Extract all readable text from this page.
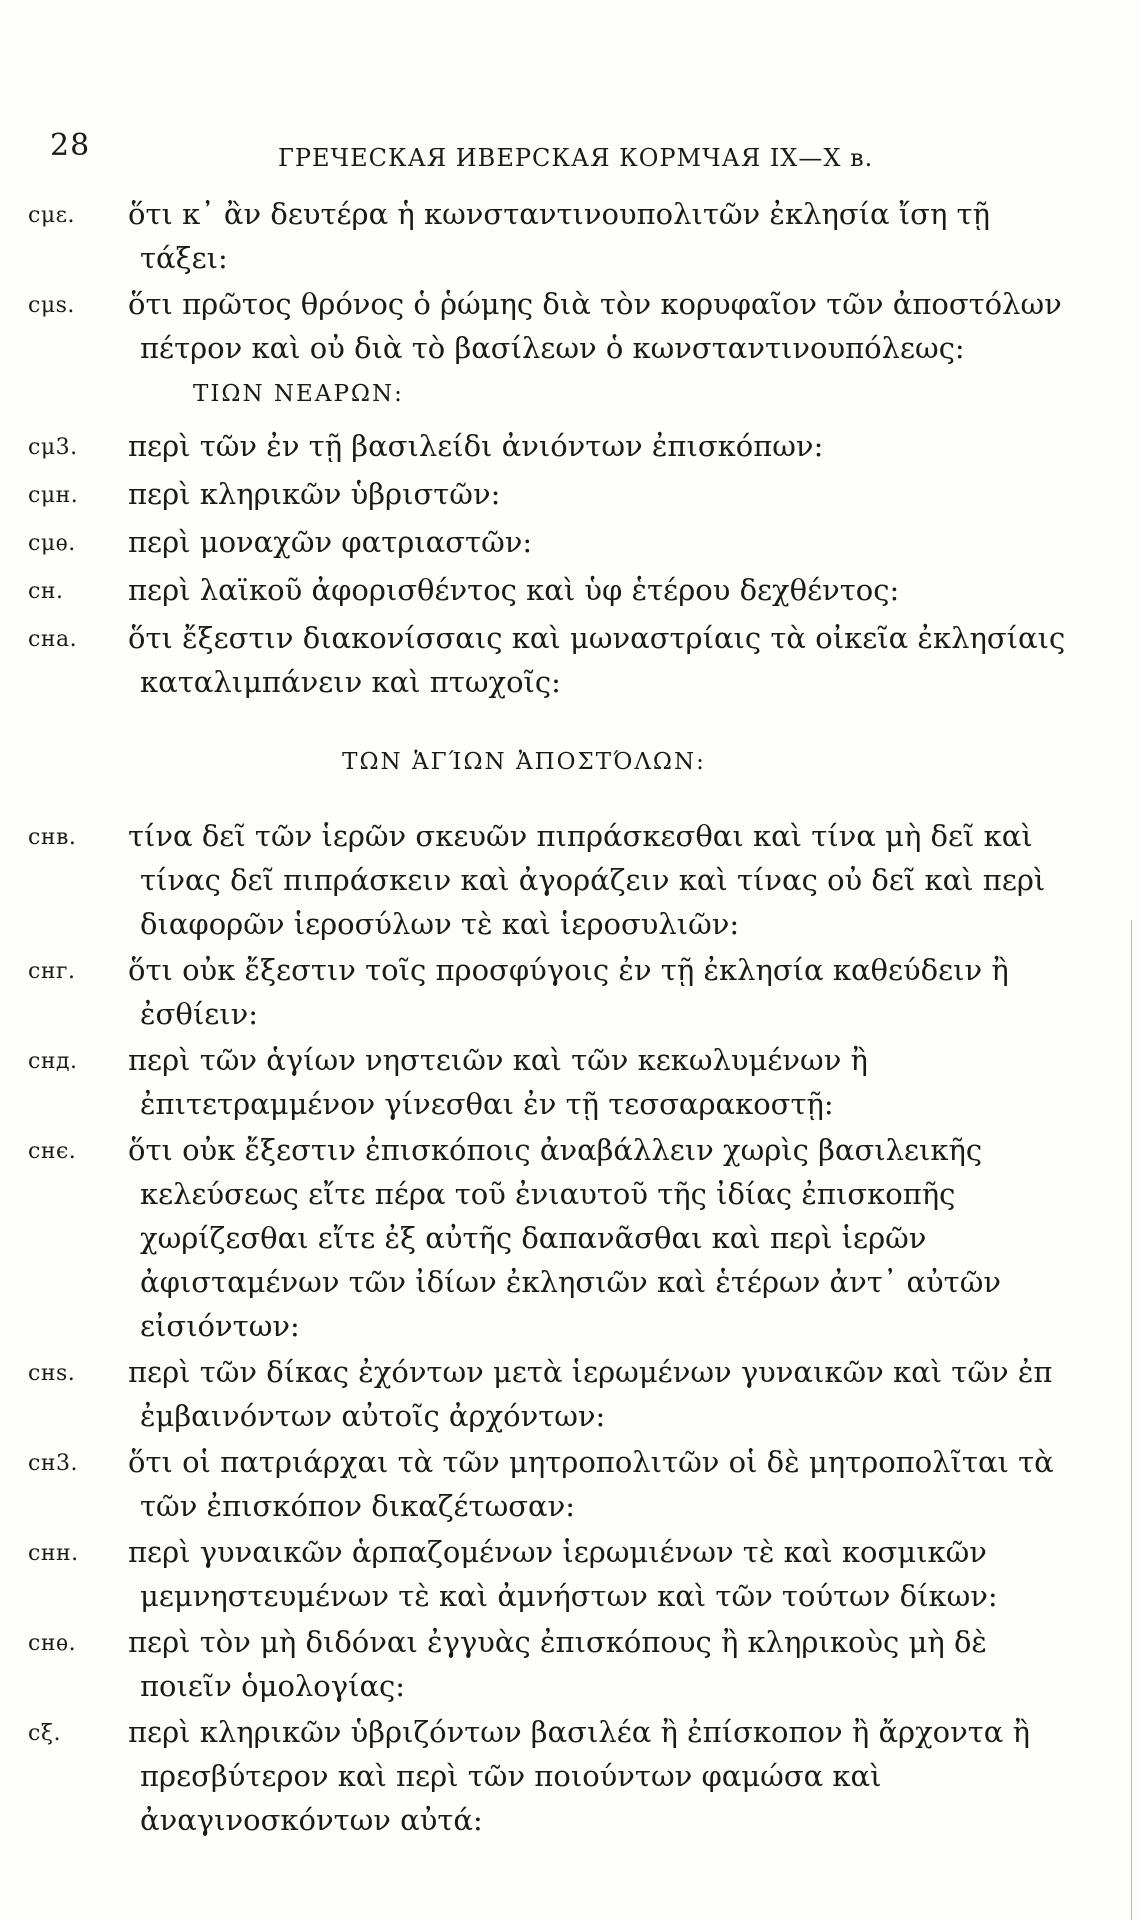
28	ГРЕЧЕСКАЯ ИВЕРСКАЯ КОРМЧАЯ IX—X в.
cμε.	ὅτι κ᾽ ἂν δευτέρα ἡ κωνσταντινουπολιτῶν ἐκλησία ἴση τῇ τάξει:
cμs.	ὅτι πρῶτος θρόνος ὁ ῥώμης διὰ τὸν κορυφαῖον τῶν ἀποστόλων πέτρον καὶ οὐ διὰ τὸ βασίλεων ὁ κωνσταντινουπόλεως:
ΤΙΩΝ ΝΕΑΡΩΝ:
cμ3.	περὶ τῶν ἐν τῇ βασιλείδι ἀνιόντων ἐπισκόπων:
cμн.	περὶ κληρικῶν ὑβριστῶν:
cμѳ.	περὶ μοναχῶν φατριαστῶν:
cн.	περὶ λαϊκοῦ ἀφορισθέντος καὶ ὑφ ἑτέρου δεχθέντος:
cна.	ὅτι ἔξεστιν διακονίσσαις καὶ μωναστρίαις τὰ οἰκεῖα ἐκλησίαις καταλιμπάνειν καὶ πτωχοῖς:
ΤΩΝ ἉΓΊΩΝ ἈΠΟΣΤΌΛΩΝ:
cнв.	τίνα δεῖ τῶν ἱερῶν σκευῶν πιπράσκεσθαι καὶ τίνα μὴ δεῖ καὶ τίνας δεῖ πιπράσκειν καὶ ἀγοράζειν καὶ τίνας οὐ δεῖ καὶ περὶ διαφορῶν ἱεροσύλων τὲ καὶ ἱεροσυλιῶν:
cнг.	ὅτι οὐκ ἔξεστιν τοῖς προσφύγοις ἐν τῇ ἐκλησία καθεύδειν ἢ ἐσθίειν:
cнд.	περὶ τῶν ἁγίων νηστειῶν καὶ τῶν κεκωλυμένων ἢ ἐπιτετραμμένον γίνεσθαι ἐν τῇ τεσσαρακοστῇ:
cнє.	ὅτι οὐκ ἔξεστιν ἐπισκόποις ἀναβάλλειν χωρὶς βασιλεικῆς κελεύσεως εἴτε πέρα τοῦ ἐνιαυτοῦ τῆς ἰδίας ἐπισκοπῆς χωρίζεσθαι εἴτε ἐξ αὐτῆς δαπανᾶσθαι καὶ περὶ ἱερῶν ἀφισταμένων τῶν ἰδίων ἐκλησιῶν καὶ ἑτέρων ἀντ᾽ αὐτῶν εἰσιόντων:
cнs.	περὶ τῶν δίκας ἐχόντων μετὰ ἱερωμένων γυναικῶν καὶ τῶν ἐπ ἐμβαινόντων αὐτοῖς ἀρχόντων:
cн3.	ὅτι οἱ πατριάρχαι τὰ τῶν μητροπολιτῶν οἱ δὲ μητροπολῖται τὰ τῶν ἐπισκόπον δικαζέτωσαν:
cнн.	περὶ γυναικῶν ἁρπαζομένων ἱερωμιένων τὲ καὶ κοσμικῶν μεμνηστευμένων τὲ καὶ ἀμνήστων καὶ τῶν τούτων δίκων:
cнѳ.	περὶ τὸν μὴ διδόναι ἐγγυὰς ἐπισκόπους ἢ κληρικοὺς μὴ δὲ ποιεῖν ὁμολογίας:
cξ.	περὶ κληρικῶν ὑβριζόντων βασιλέα ἢ ἐπίσκοπον ἢ ἄρχοντα ἢ πρεσβύτερον καὶ περὶ τῶν ποιούντων φαμώσα καὶ ἀναγινοσκόντων αὐτά:
